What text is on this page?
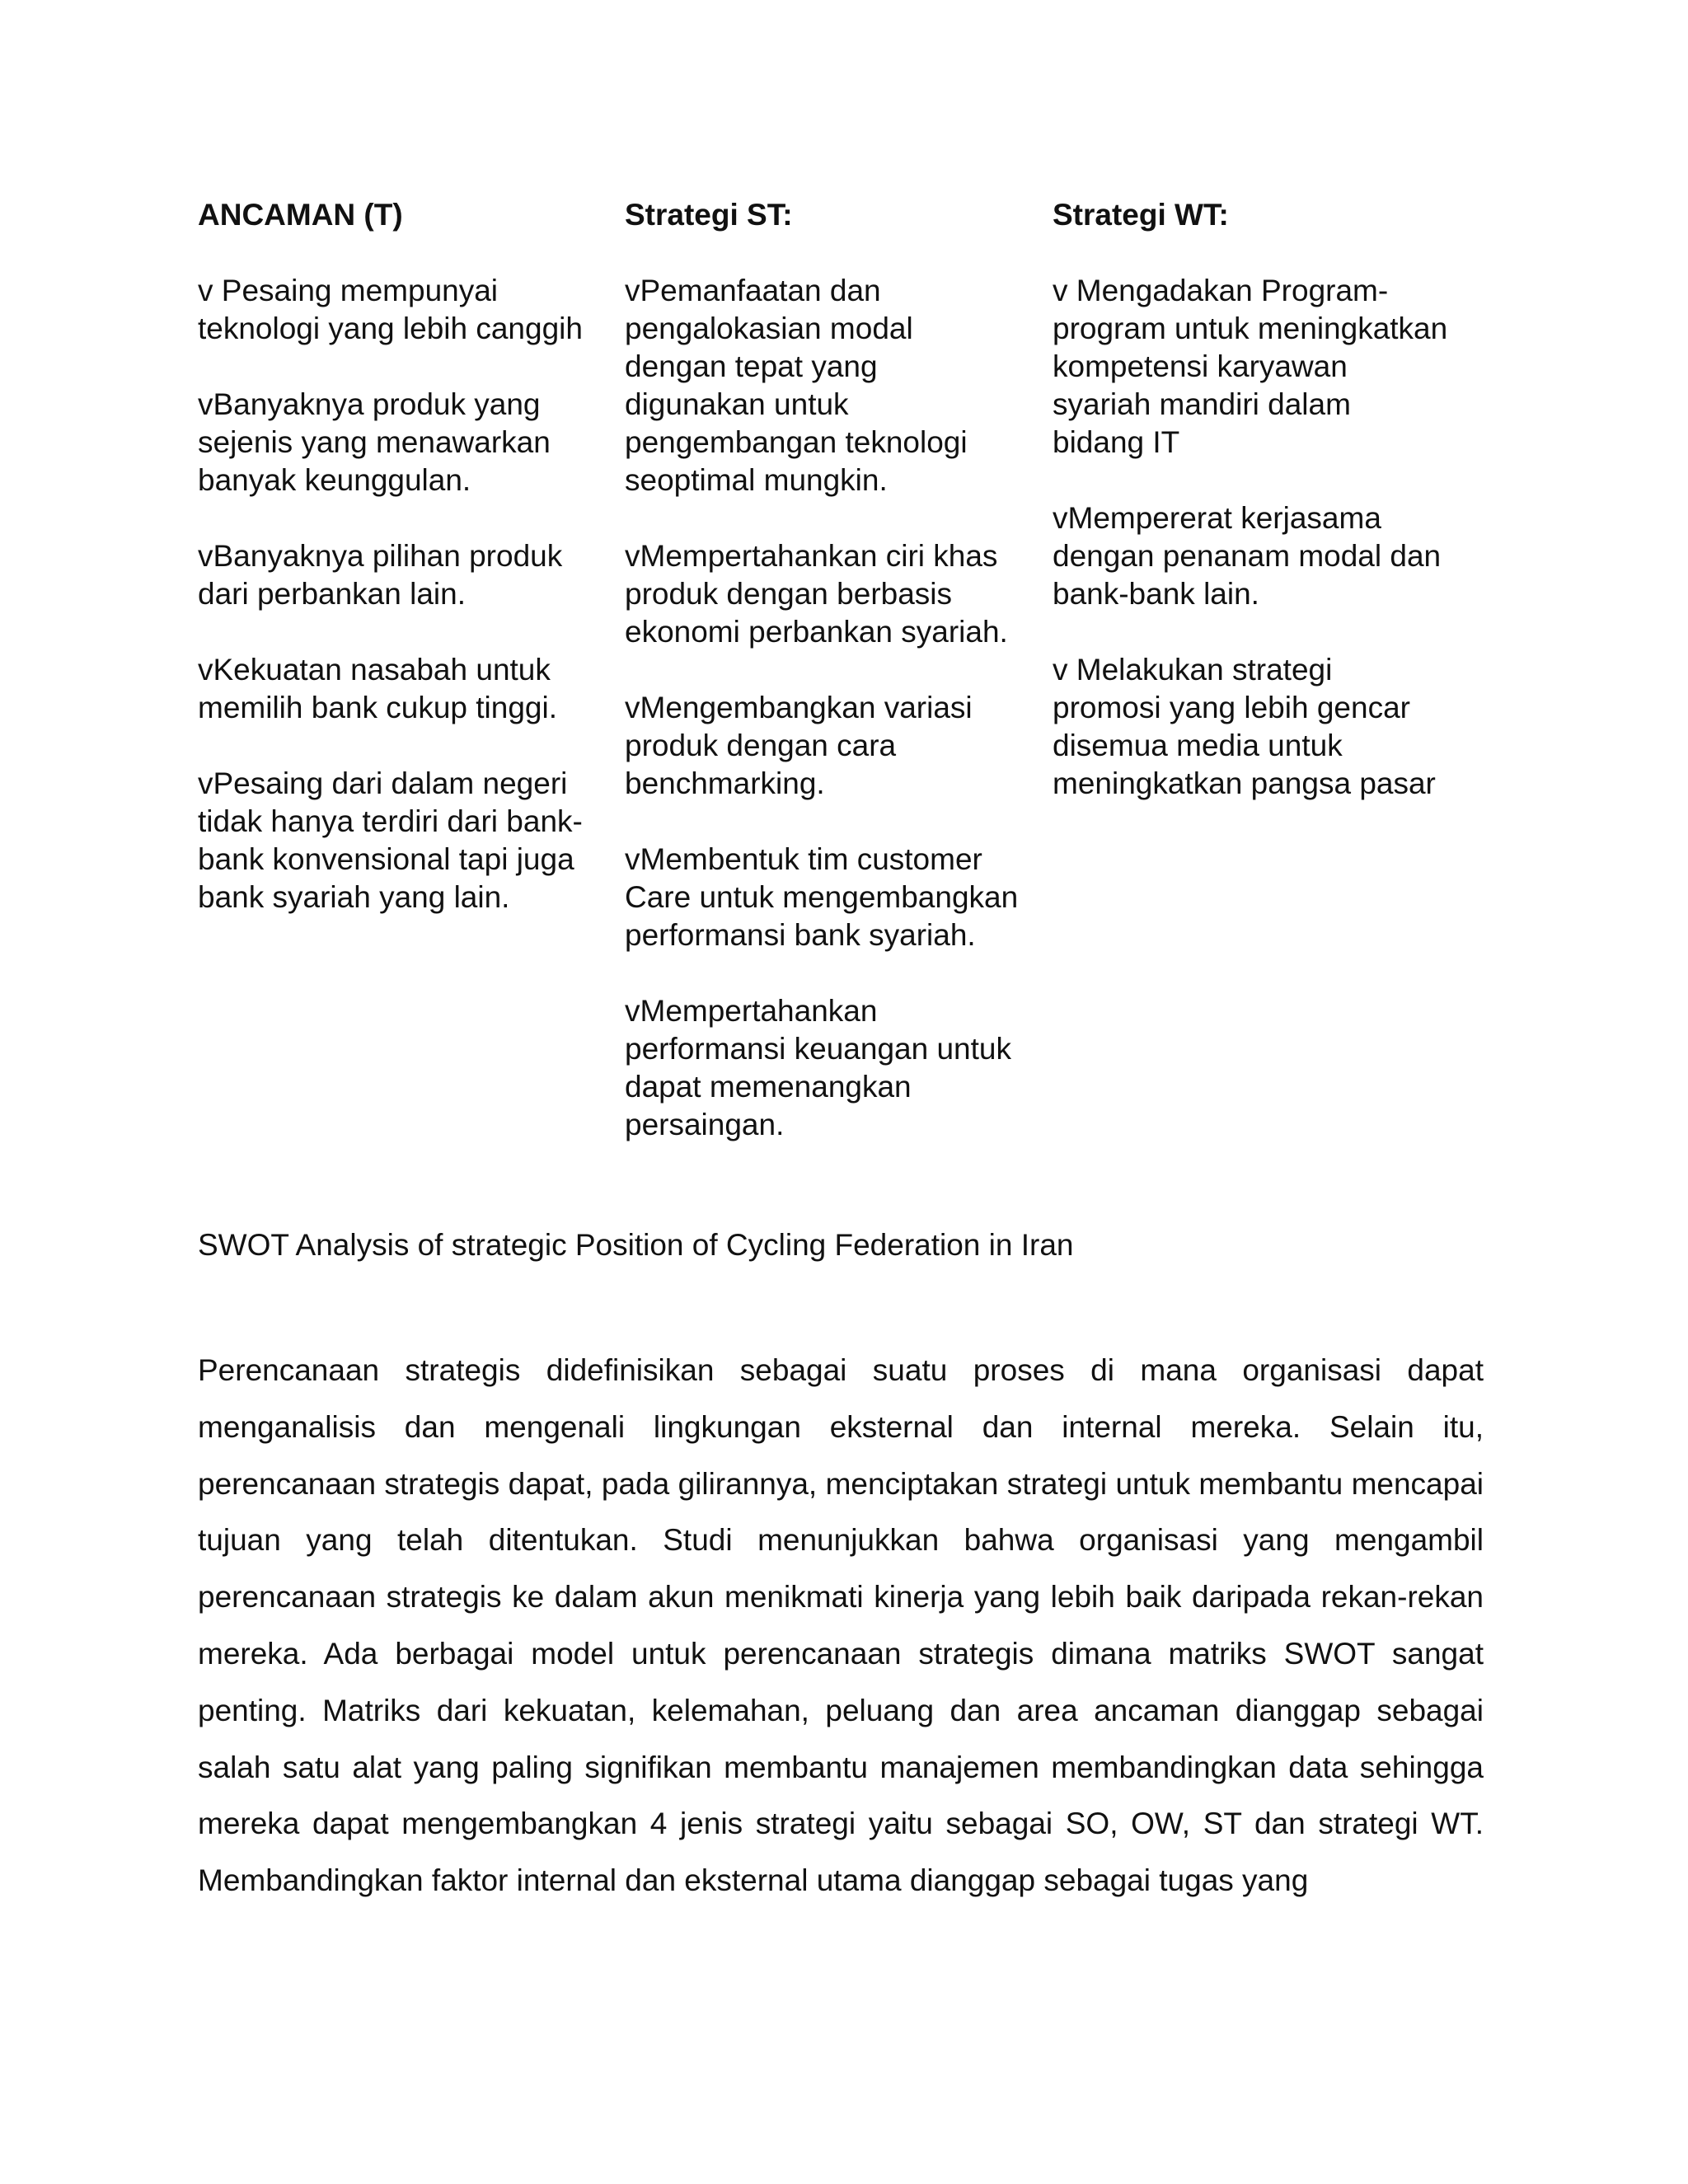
ANCAMAN (T)
v Pesaing mempunyai
teknologi yang lebih canggih
vBanyaknya produk yang
sejenis yang menawarkan
banyak keunggulan.
vBanyaknya pilihan produk
dari perbankan lain.
vKekuatan nasabah untuk
memilih bank cukup tinggi.
vPesaing dari dalam negeri
tidak hanya terdiri dari bank-
bank konvensional tapi juga
bank syariah yang lain.
Strategi ST:
vPemanfaatan dan
pengalokasian modal
dengan tepat yang
digunakan untuk
pengembangan teknologi
seoptimal mungkin.
vMempertahankan ciri khas
produk dengan berbasis
ekonomi perbankan syariah.
vMengembangkan variasi
produk dengan cara
benchmarking.
vMembentuk tim customer
Care untuk mengembangkan
performansi bank syariah.
vMempertahankan
performansi keuangan untuk
dapat memenangkan
persaingan.
Strategi WT:
v Mengadakan Program-
program untuk meningkatkan
kompetensi karyawan
syariah mandiri dalam
bidang IT
vMempererat kerjasama
dengan penanam modal dan
bank-bank lain.
v Melakukan strategi
promosi yang lebih gencar
disemua media untuk
meningkatkan pangsa pasar
SWOT Analysis of strategic Position of Cycling Federation in Iran

Perencanaan strategis didefinisikan sebagai suatu proses di mana organisasi dapat menganalisis dan mengenali lingkungan eksternal dan internal mereka. Selain itu, perencanaan strategis dapat, pada gilirannya, menciptakan strategi untuk membantu mencapai tujuan yang telah ditentukan. Studi menunjukkan bahwa organisasi yang mengambil perencanaan strategis ke dalam akun menikmati kinerja yang lebih baik daripada rekan-rekan mereka. Ada berbagai model untuk perencanaan strategis dimana matriks SWOT sangat penting. Matriks dari kekuatan, kelemahan, peluang dan area ancaman dianggap sebagai salah satu alat yang paling signifikan membantu manajemen membandingkan data sehingga mereka dapat mengembangkan 4 jenis strategi yaitu sebagai SO, OW, ST dan strategi WT. Membandingkan faktor internal dan eksternal utama dianggap sebagai tugas yang
